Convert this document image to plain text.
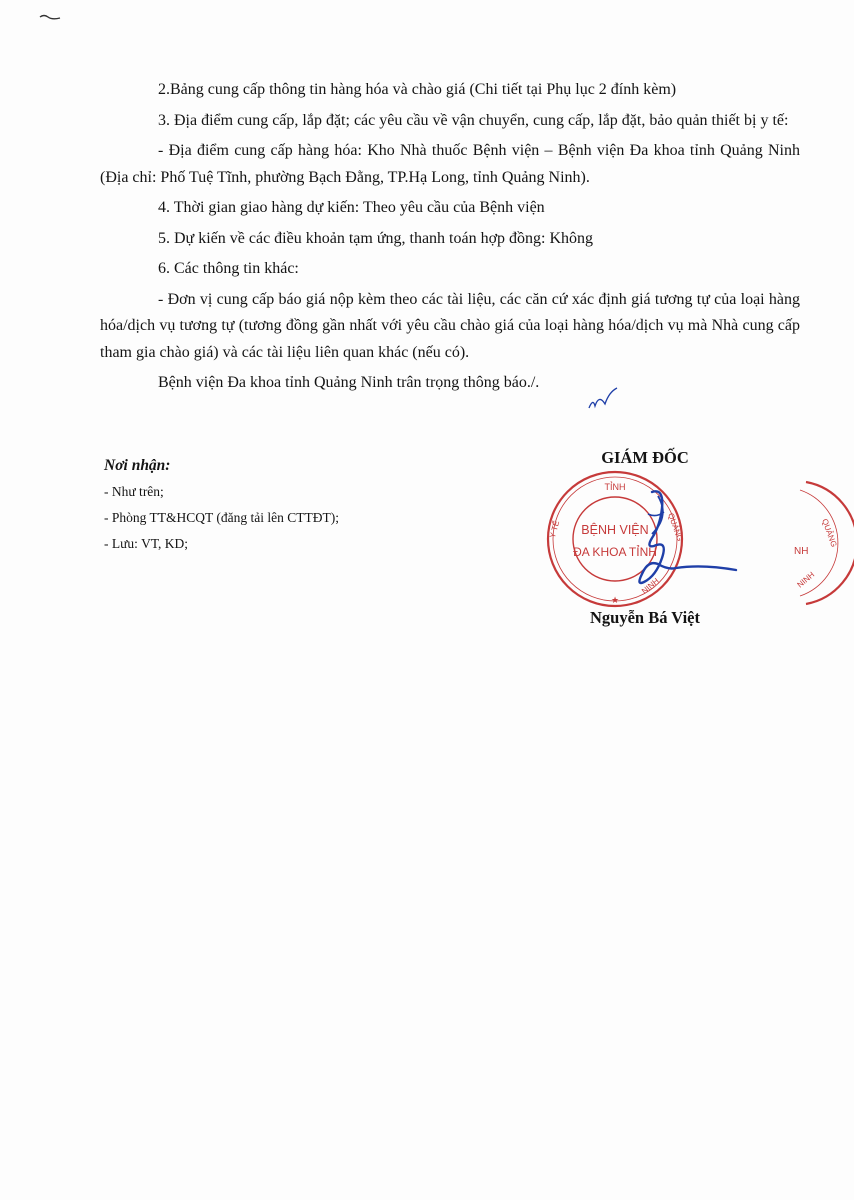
2.Bảng cung cấp thông tin hàng hóa và chào giá (Chi tiết tại Phụ lục 2 đính kèm)

3. Địa điểm cung cấp, lắp đặt; các yêu cầu về vận chuyển, cung cấp, lắp đặt, bảo quản thiết bị y tế:

- Địa điểm cung cấp hàng hóa: Kho Nhà thuốc Bệnh viện – Bệnh viện Đa khoa tỉnh Quảng Ninh (Địa chỉ: Phố Tuệ Tĩnh, phường Bạch Đằng, TP.Hạ Long, tỉnh Quảng Ninh).

4. Thời gian giao hàng dự kiến: Theo yêu cầu của Bệnh viện

5. Dự kiến về các điều khoản tạm ứng, thanh toán hợp đồng: Không

6. Các thông tin khác:

- Đơn vị cung cấp báo giá nộp kèm theo các tài liệu, các căn cứ xác định giá tương tự của loại hàng hóa/dịch vụ tương tự (tương đồng gần nhất với yêu cầu chào giá của loại hàng hóa/dịch vụ mà Nhà cung cấp tham gia chào giá) và các tài liệu liên quan khác (nếu có).

Bệnh viện Đa khoa tỉnh Quảng Ninh trân trọng thông báo./.

Nơi nhận:
- Như trên;
- Phòng TT&HCQT (đăng tải lên CTTĐT);
- Lưu: VT, KD;
GIÁM ĐỐC
TỈNH
QUẢNG
Y TẾ
NINH
BỆNH VIỆN
ĐA KHOA TỈNH
★
QUẢNG
NH
NINH
Nguyễn Bá Việt
